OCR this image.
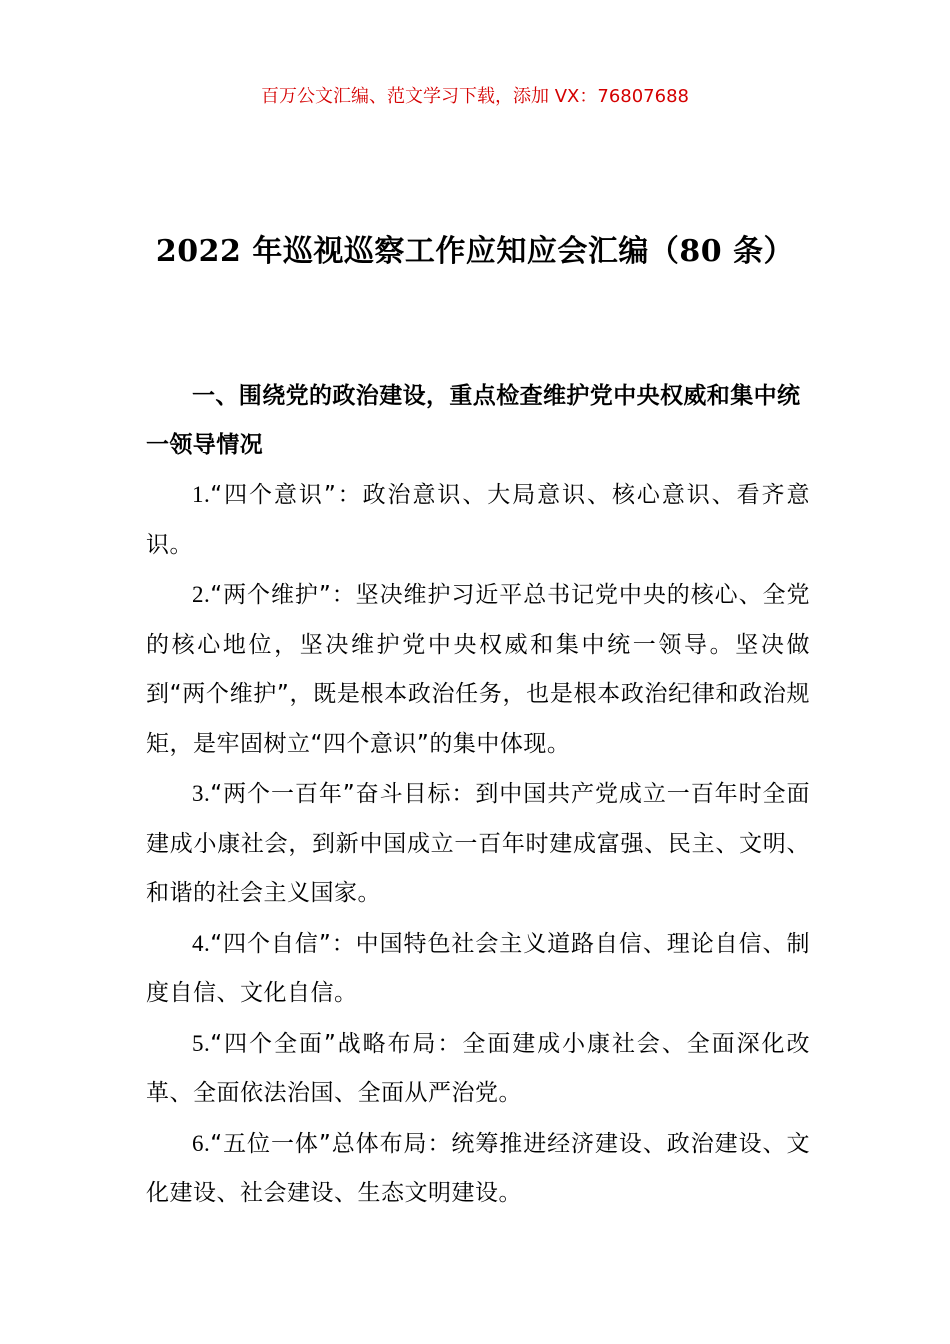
百万公文汇编、范文学习下载，添加 VX：76807688
2022 年巡视巡察工作应知应会汇编（80 条）

一、围绕党的政治建设，重点检查维护党中央权威和集中统一领导情况

1.“四个意识”：政治意识、大局意识、核心意识、看齐意识。

2.“两个维护”：坚决维护习近平总书记党中央的核心、全党的核心地位，坚决维护党中央权威和集中统一领导。坚决做到“两个维护”，既是根本政治任务，也是根本政治纪律和政治规矩，是牢固树立“四个意识”的集中体现。

3.“两个一百年”奋斗目标：到中国共产党成立一百年时全面建成小康社会，到新中国成立一百年时建成富强、民主、文明、和谐的社会主义国家。

4.“四个自信”：中国特色社会主义道路自信、理论自信、制度自信、文化自信。

5.“四个全面”战略布局：全面建成小康社会、全面深化改革、全面依法治国、全面从严治党。

6.“五位一体”总体布局：统筹推进经济建设、政治建设、文化建设、社会建设、生态文明建设。
